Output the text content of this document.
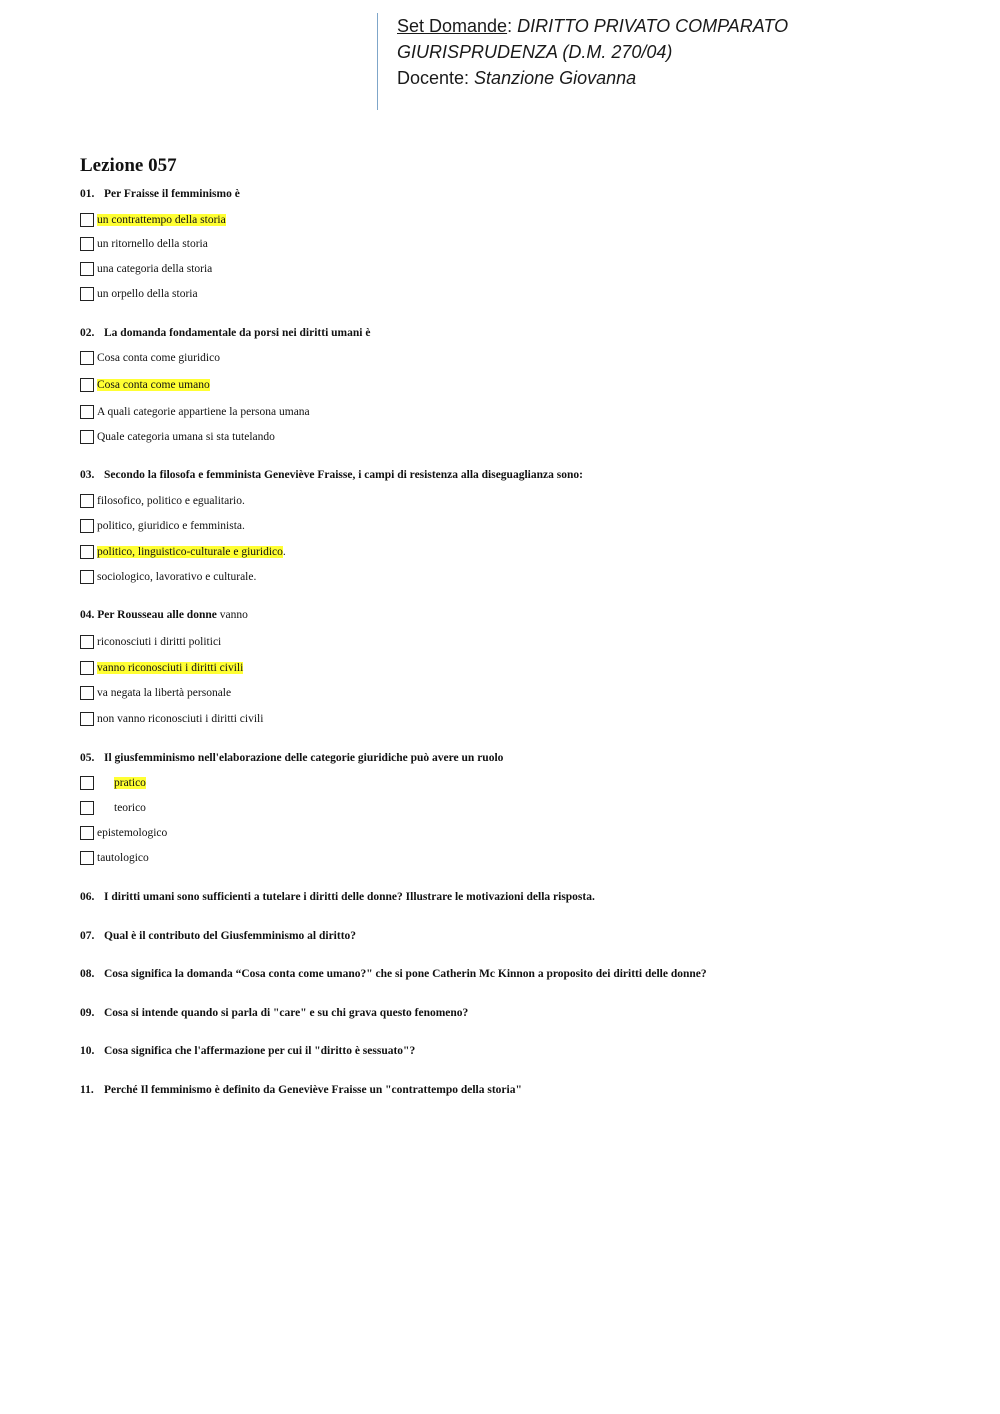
Set Domande: DIRITTO PRIVATO COMPARATO
GIURISPRUDENZA (D.M. 270/04)
Docente: Stanzione Giovanna
Lezione 057
01. Per Fraisse il femminismo è
un contrattempo della storia
un ritornello della storia
una categoria della storia
un orpello della storia
02. La domanda fondamentale da porsi nei diritti umani è
Cosa conta come giuridico
Cosa conta come umano
A quali categorie appartiene la persona umana
Quale categoria umana si sta tutelando
03. Secondo la filosofa e femminista Geneviève Fraisse, i campi di resistenza alla diseguaglianza sono:
filosofico, politico e egualitario.
politico, giuridico e femminista.
politico, linguistico-culturale e giuridico .
sociologico, lavorativo e culturale.
04. Per Rousseau alle donne vanno
riconosciuti i diritti politici
vanno riconosciuti i diritti civili
va negata la libertà personale
non vanno riconosciuti i diritti civili
05. Il giusfemminismo nell'elaborazione delle categorie giuridiche può avere un ruolo
pratico
teorico
epistemologico
tautologico
06. I diritti umani sono sufficienti a tutelare i diritti delle donne? Illustrare le motivazioni della risposta.
07. Qual è il contributo del Giusfemminismo al diritto?
08. Cosa significa la domanda “Cosa conta come umano?" che si pone Catherin Mc Kinnon a proposito dei diritti delle donne?
09. Cosa si intende quando si parla di "care" e su chi grava questo fenomeno?
10. Cosa significa che l'affermazione per cui il "diritto è sessuato"?
11. Perché Il femminismo è definito da Geneviève Fraisse un "contrattempo della storia"
